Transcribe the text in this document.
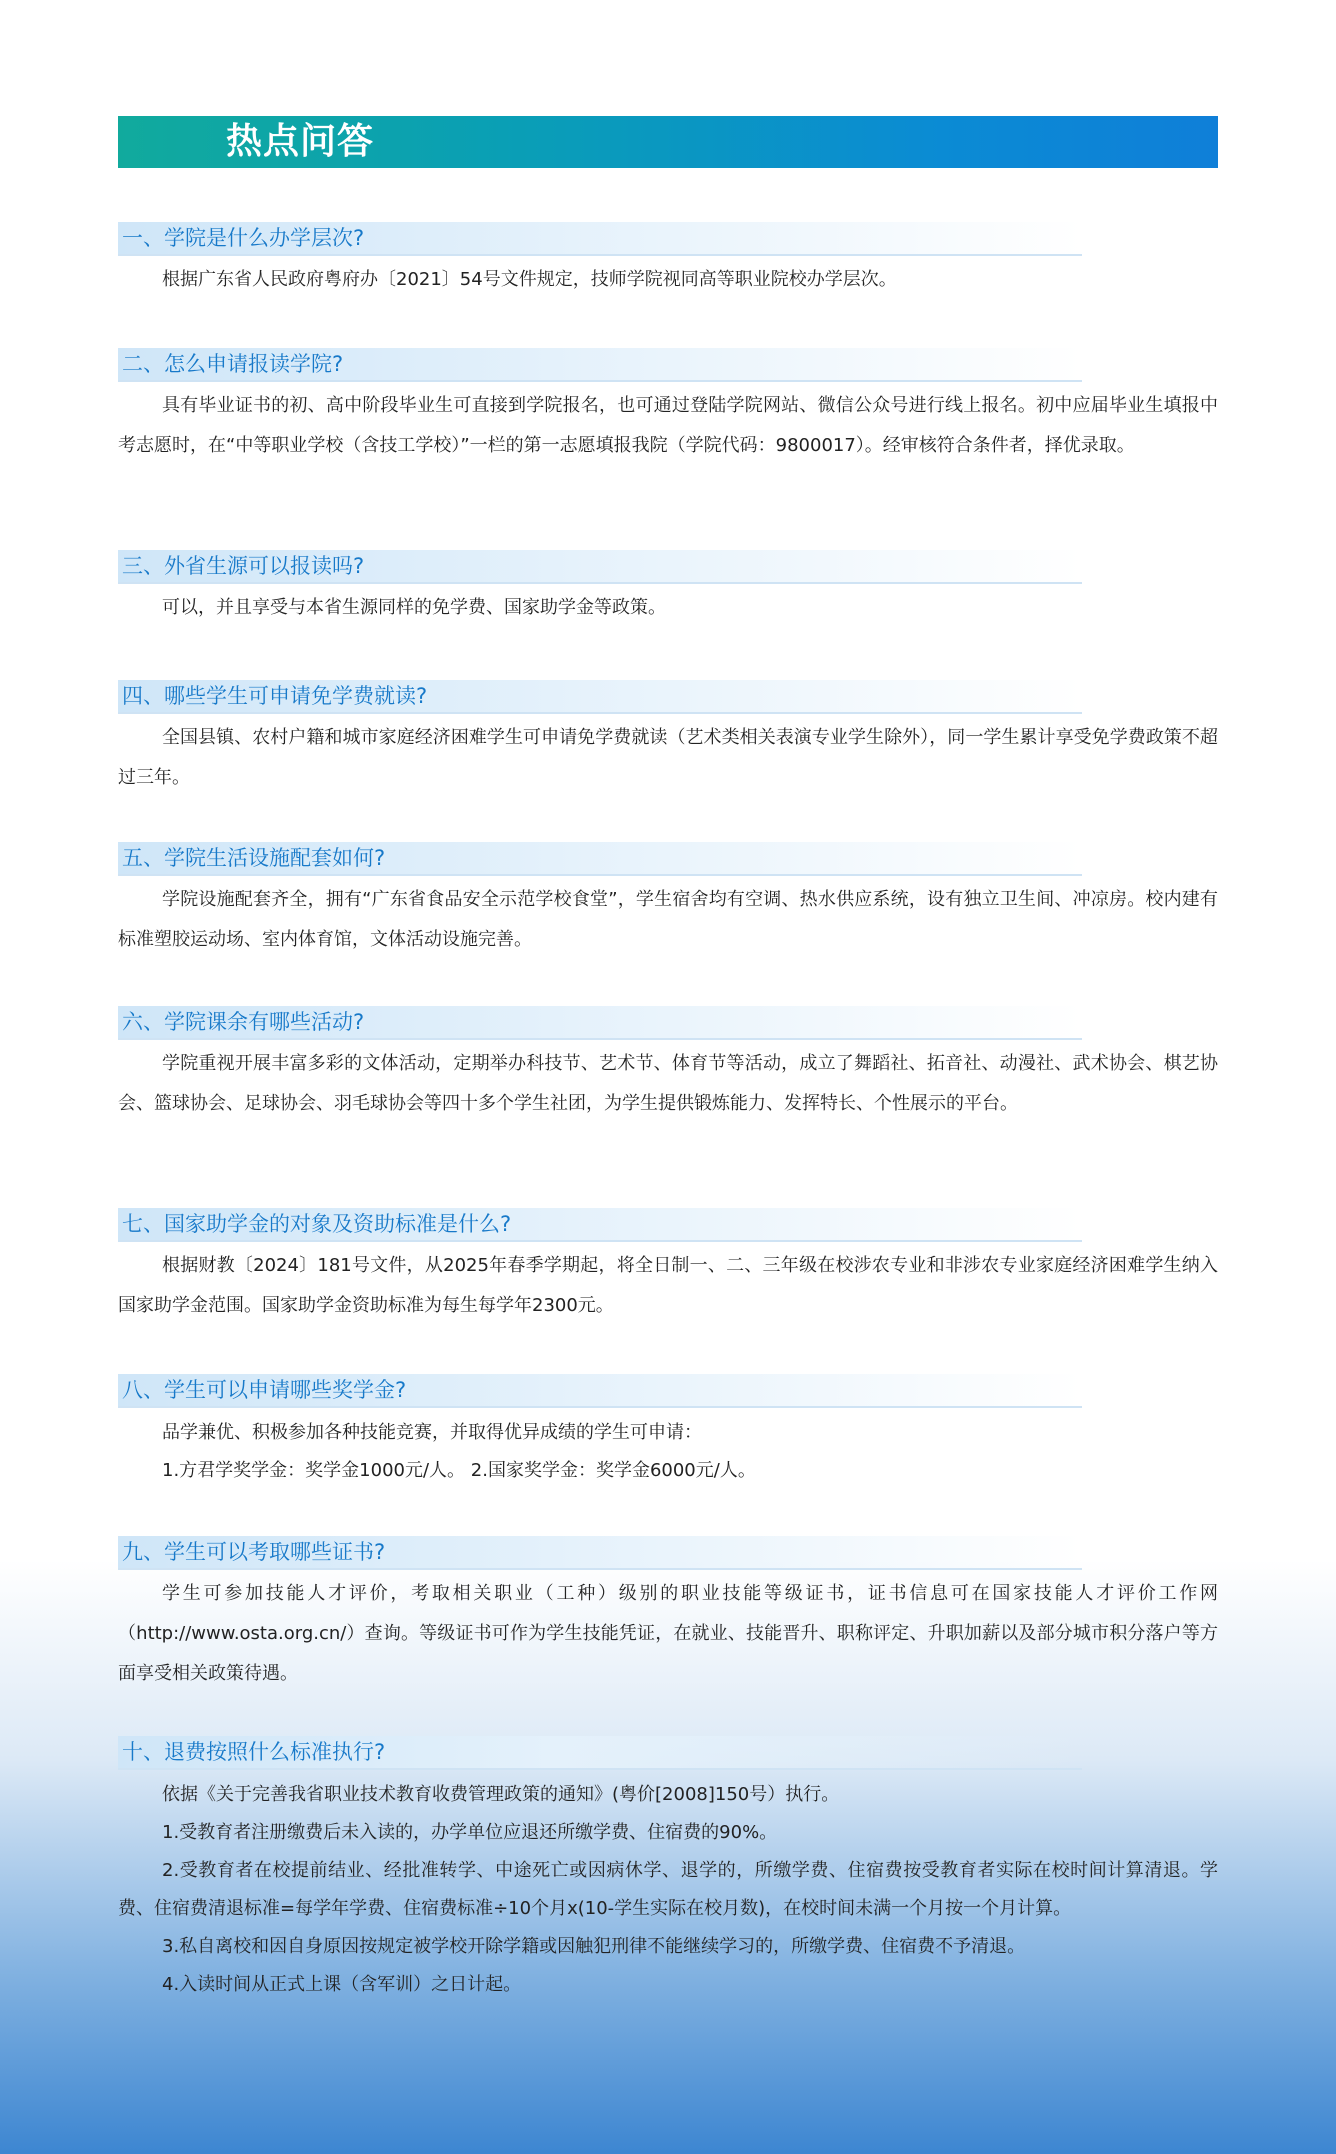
热点问答
一、学院是什么办学层次?
根据广东省人民政府粤府办〔2021〕54号文件规定，技师学院视同高等职业院校办学层次。
二、怎么申请报读学院?
具有毕业证书的初、高中阶段毕业生可直接到学院报名，也可通过登陆学院网站、微信公众号进行线上报名。初中应届毕业生填报中考志愿时，在“中等职业学校（含技工学校）”一栏的第一志愿填报我院（学院代码：9800017）。经审核符合条件者，择优录取。
三、外省生源可以报读吗?
可以，并且享受与本省生源同样的免学费、国家助学金等政策。
四、哪些学生可申请免学费就读?
全国县镇、农村户籍和城市家庭经济困难学生可申请免学费就读（艺术类相关表演专业学生除外），同一学生累计享受免学费政策不超过三年。
五、学院生活设施配套如何?
学院设施配套齐全，拥有“广东省食品安全示范学校食堂”，学生宿舍均有空调、热水供应系统，设有独立卫生间、冲凉房。校内建有标准塑胶运动场、室内体育馆，文体活动设施完善。
六、学院课余有哪些活动?
学院重视开展丰富多彩的文体活动，定期举办科技节、艺术节、体育节等活动，成立了舞蹈社、拓音社、动漫社、武术协会、棋艺协会、篮球协会、足球协会、羽毛球协会等四十多个学生社团，为学生提供锻炼能力、发挥特长、个性展示的平台。
七、国家助学金的对象及资助标准是什么?
根据财教〔2024〕181号文件，从2025年春季学期起，将全日制一、二、三年级在校涉农专业和非涉农专业家庭经济困难学生纳入国家助学金范围。国家助学金资助标准为每生每学年2300元。
八、学生可以申请哪些奖学金?
品学兼优、积极参加各种技能竞赛，并取得优异成绩的学生可申请：
1.方君学奖学金：奖学金1000元/人。 2.国家奖学金：奖学金6000元/人。
九、学生可以考取哪些证书?
学生可参加技能人才评价，考取相关职业（工种）级别的职业技能等级证书，证书信息可在国家技能人才评价工作网（http://www.osta.org.cn/）查询。等级证书可作为学生技能凭证，在就业、技能晋升、职称评定、升职加薪以及部分城市积分落户等方面享受相关政策待遇。
十、退费按照什么标准执行?
依据《关于完善我省职业技术教育收费管理政策的通知》(粤价[2008]150号）执行。
1.受教育者注册缴费后未入读的，办学单位应退还所缴学费、住宿费的90%。
2.受教育者在校提前结业、经批准转学、中途死亡或因病休学、退学的，所缴学费、住宿费按受教育者实际在校时间计算清退。学费、住宿费清退标准=每学年学费、住宿费标准÷10个月x(10-学生实际在校月数)，在校时间未满一个月按一个月计算。
3.私自离校和因自身原因按规定被学校开除学籍或因触犯刑律不能继续学习的，所缴学费、住宿费不予清退。
4.入读时间从正式上课（含军训）之日计起。
